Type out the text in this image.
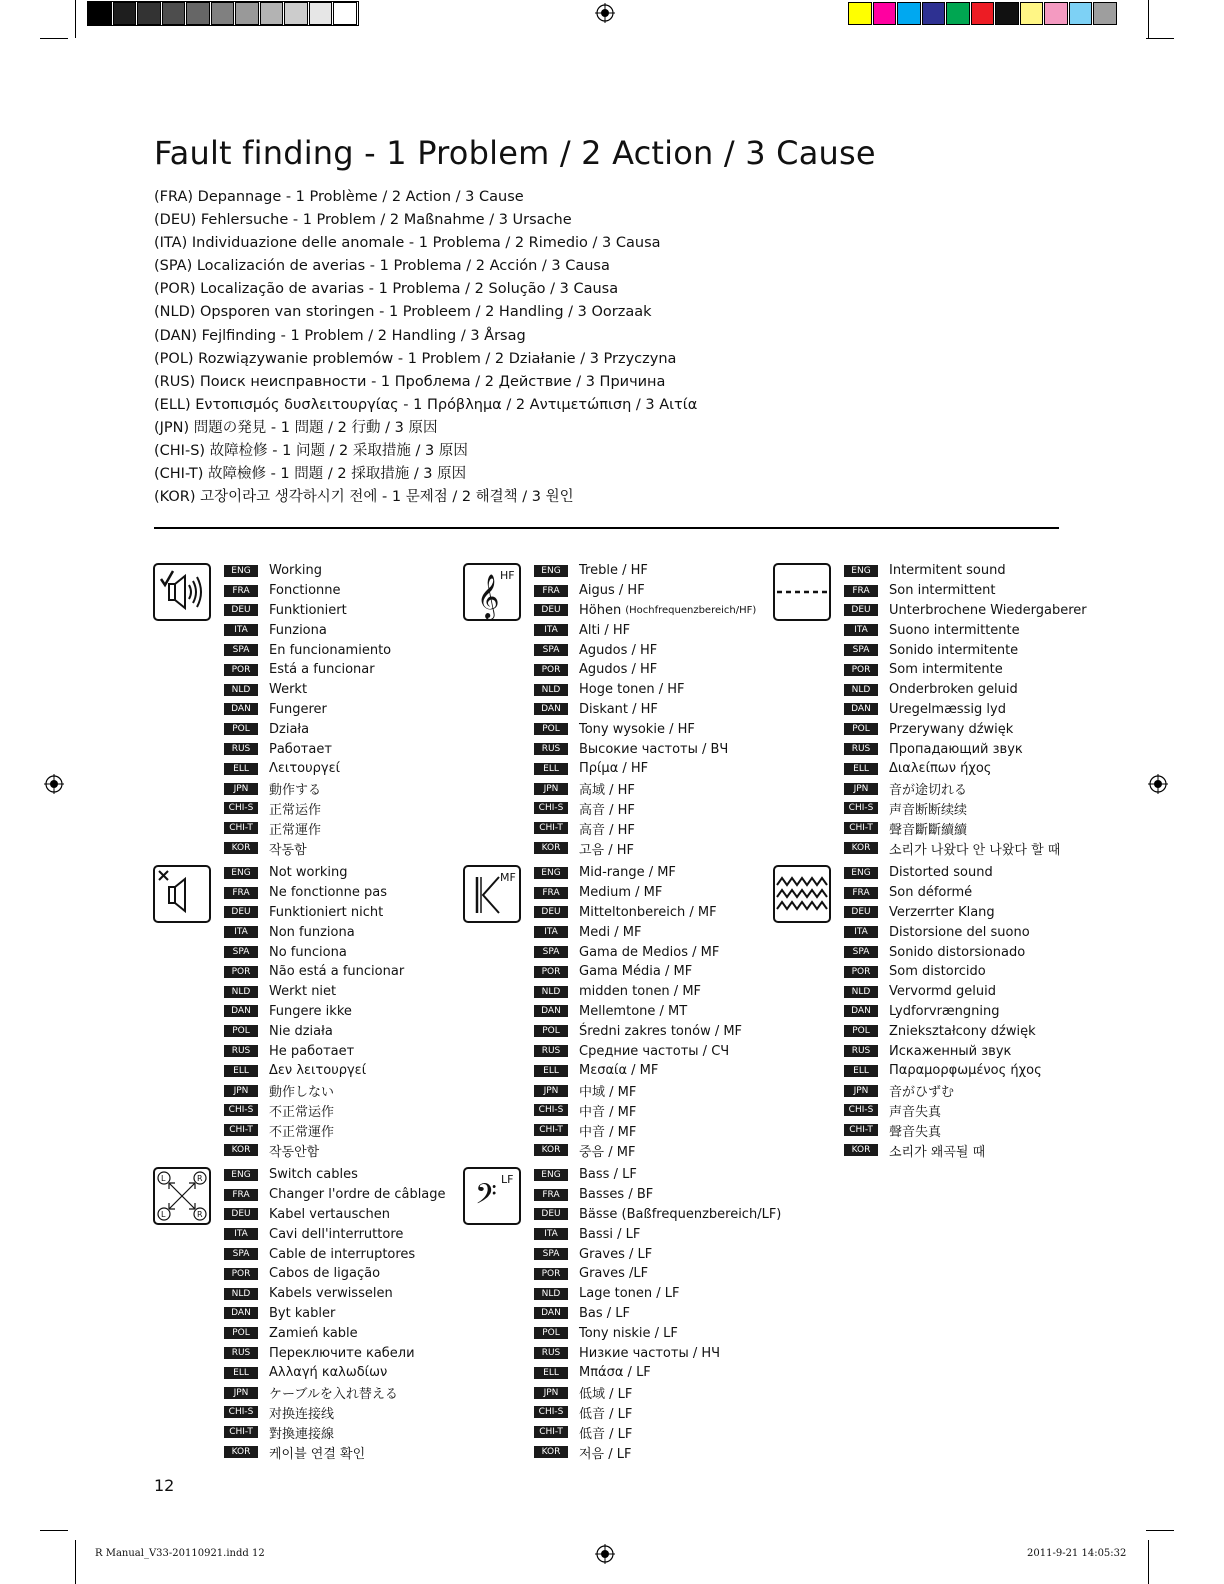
Fault finding - 1 Problem / 2 Action / 3 Cause
(FRA) Depannage - 1 Problème / 2 Action / 3 Cause
(DEU) Fehlersuche - 1 Problem / 2 Maßnahme / 3 Ursache
(ITA) Individuazione delle anomale - 1 Problema / 2 Rimedio / 3 Causa
(SPA) Localización de averias - 1 Problema / 2 Acción / 3 Causa
(POR) Localização de avarias - 1 Problema / 2 Solução / 3 Causa
(NLD) Opsporen van storingen - 1 Probleem / 2 Handling / 3 Oorzaak
(DAN) Fejlfinding - 1 Problem / 2 Handling / 3 Årsag
(POL) Rozwiązywanie problemów - 1 Problem / 2 Działanie / 3 Przyczyna
(RUS) Поиск неисправности - 1 Проблема / 2 Действие / 3 Причина
(ELL) Εντοπισμός δυσλειτουργίας - 1 Πρόβλημα / 2 Αντιμετώπιση / 3 Αιτία
(JPN) 問題の発見 - 1 問題 / 2 行動 / 3 原因
(CHI-S) 故障检修 - 1 问题 / 2 采取措施 / 3 原因
(CHI-T) 故障檢修 - 1 問題 / 2 採取措施 / 3 原因
(KOR) 고장이라고 생각하시기 전에 - 1 문제점 / 2 해결책 / 3 원인
𝄞 HF
MF
L	R
L	R	𝄢 LF
ENG	Working
FRA	Fonctionne
DEU	Funktioniert
ITA	Funziona
SPA	En funcionamiento
POR	Está a funcionar
NLD	Werkt
DAN	Fungerer
POL	Działa
RUS	Работает
ELL	Λειτουργεί
JPN	動作する
CHI-S	正常运作
CHI-T	正常運作
KOR	작동함
ENG	Treble / HF
FRA	Aigus / HF
DEU	Höhen (Hochfrequenzbereich/HF)
ITA	Alti / HF
SPA	Agudos / HF
POR	Agudos / HF
NLD	Hoge tonen / HF
DAN	Diskant / HF
POL	Tony wysokie / HF
RUS	Высокие частоты / ВЧ
ELL	Πρίμα / HF
JPN	高域 / HF
CHI-S	高音 / HF
CHI-T	高音 / HF
KOR	고음 / HF
ENG	Intermitent sound
FRA	Son intermittent
DEU	Unterbrochene Wiedergaberer
ITA	Suono intermittente
SPA	Sonido intermitente
POR	Som intermitente
NLD	Onderbroken geluid
DAN	Uregelmæssig lyd
POL	Przerywany dźwięk
RUS	Пропадающий звук
ELL	Διαλείπων ήχος
JPN	音が途切れる
CHI-S	声音断断续续
CHI-T	聲音斷斷續續
KOR	소리가 나왔다 안 나왔다 할 때
ENG	Not working
FRA	Ne fonctionne pas
DEU	Funktioniert nicht
ITA	Non funziona
SPA	No funciona
POR	Não está a funcionar
NLD	Werkt niet
DAN	Fungere ikke
POL	Nie działa
RUS	Не работает
ELL	Δεν λειτουργεί
JPN	動作しない
CHI-S	不正常运作
CHI-T	不正常運作
KOR	작동안함
ENG	Mid-range / MF
FRA	Medium / MF
DEU	Mitteltonbereich / MF
ITA	Medi / MF
SPA	Gama de Medios / MF
POR	Gama Média / MF
NLD	midden tonen / MF
DAN	Mellemtone / MT
POL	Średni zakres tonów / MF
RUS	Средние частоты / СЧ
ELL	Μεσαία / MF
JPN	中域 / MF
CHI-S	中音 / MF
CHI-T	中音 / MF
KOR	중음 / MF
ENG	Distorted sound
FRA	Son déformé
DEU	Verzerrter Klang
ITA	Distorsione del suono
SPA	Sonido distorsionado
POR	Som distorcido
NLD	Vervormd geluid
DAN	Lydforvrængning
POL	Zniekształcony dźwięk
RUS	Искаженный звук
ELL	Παραμορφωμένος ήχος
JPN	音がひずむ
CHI-S	声音失真
CHI-T	聲音失真
KOR	소리가 왜곡될 때
ENG	Switch cables
FRA	Changer l'ordre de câblage
DEU	Kabel vertauschen
ITA	Cavi dell'interruttore
SPA	Cable de interruptores
POR	Cabos de ligação
NLD	Kabels verwisselen
DAN	Byt kabler
POL	Zamień kable
RUS	Переключите кабели
ELL	Αλλαγή καλωδίων
JPN	ケーブルを入れ替える
CHI-S	对换连接线
CHI-T	對換連接線
KOR	케이블 연결 확인
ENG	Bass / LF
FRA	Basses / BF
DEU	Bässe (Baßfrequenzbereich/LF)
ITA	Bassi / LF
SPA	Graves / LF
POR	Graves /LF
NLD	Lage tonen / LF
DAN	Bas / LF
POL	Tony niskie / LF
RUS	Низкие частоты / НЧ
ELL	Μπάσα / LF
JPN	低域 / LF
CHI-S	低音 / LF
CHI-T	低音 / LF
KOR	저음 / LF
12
R Manual_V33-20110921.indd 12	2011-9-21 14:05:32
